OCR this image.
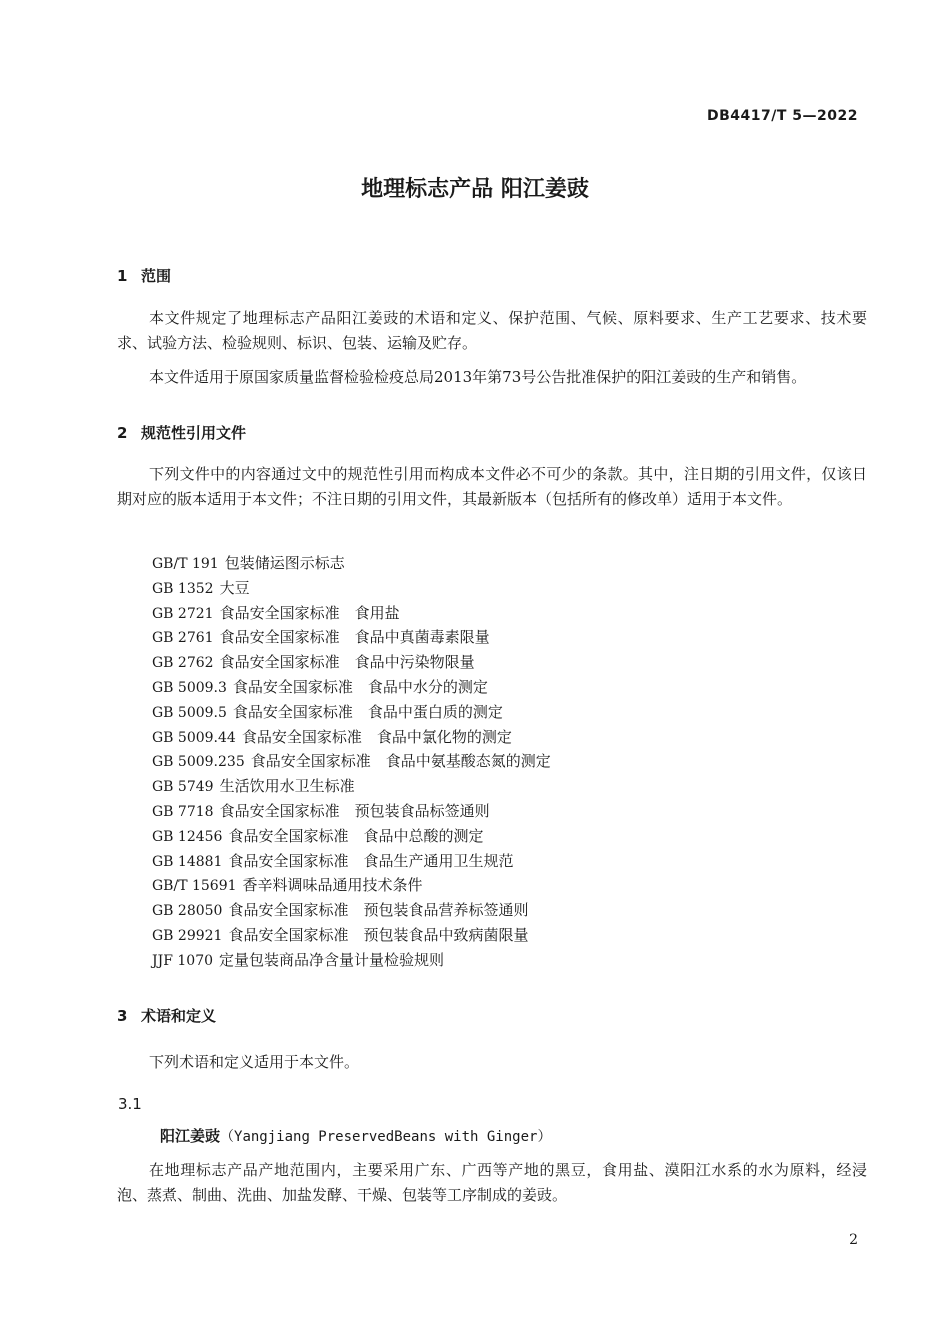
DB4417/T 5—2022
地理标志产品 阳江姜豉
1 范围
本文件规定了地理标志产品阳江姜豉的术语和定义、保护范围、气候、原料要求、生产工艺要求、技术要求、试验方法、检验规则、标识、包装、运输及贮存。
本文件适用于原国家质量监督检验检疫总局2013年第73号公告批准保护的阳江姜豉的生产和销售。
2 规范性引用文件
下列文件中的内容通过文中的规范性引用而构成本文件必不可少的条款。其中，注日期的引用文件，仅该日期对应的版本适用于本文件；不注日期的引用文件，其最新版本（包括所有的修改单）适用于本文件。
GB/T 191 包装储运图示标志
GB 1352 大豆
GB 2721 食品安全国家标准　食用盐
GB 2761 食品安全国家标准　食品中真菌毒素限量
GB 2762 食品安全国家标准　食品中污染物限量
GB 5009.3 食品安全国家标准　食品中水分的测定
GB 5009.5 食品安全国家标准　食品中蛋白质的测定
GB 5009.44 食品安全国家标准　食品中氯化物的测定
GB 5009.235 食品安全国家标准　食品中氨基酸态氮的测定
GB 5749 生活饮用水卫生标准
GB 7718 食品安全国家标准　预包装食品标签通则
GB 12456 食品安全国家标准　食品中总酸的测定
GB 14881 食品安全国家标准　食品生产通用卫生规范
GB/T 15691 香辛料调味品通用技术条件
GB 28050 食品安全国家标准　预包装食品营养标签通则
GB 29921 食品安全国家标准　预包装食品中致病菌限量
JJF 1070 定量包装商品净含量计量检验规则
3 术语和定义
下列术语和定义适用于本文件。
3.1
阳江姜豉（Yangjiang PreservedBeans with Ginger）
在地理标志产品产地范围内，主要采用广东、广西等产地的黑豆，食用盐、漠阳江水系的水为原料，经浸泡、蒸煮、制曲、洗曲、加盐发酵、干燥、包装等工序制成的姜豉。
2
